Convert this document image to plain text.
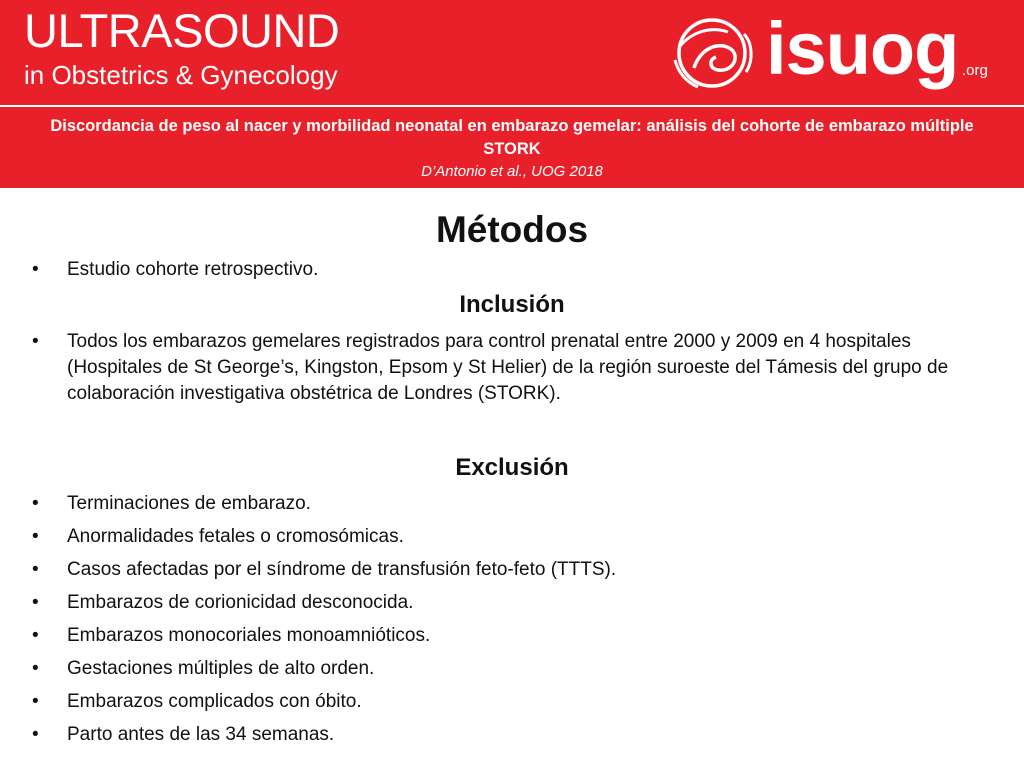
ULTRASOUND
in Obstetrics & Gynecology	isuog .org
Discordancia de peso al nacer y morbilidad neonatal en embarazo gemelar: análisis del cohorte de embarazo múltiple STORK
D’Antonio et al., UOG 2018
Métodos
• Estudio cohorte retrospectivo.
Inclusión
• Todos los embarazos gemelares registrados para control prenatal entre 2000 y 2009 en 4 hospitales (Hospitales de St George’s, Kingston, Epsom y St Helier) de la región suroeste del Támesis del grupo de colaboración investigativa obstétrica de Londres (STORK).
Exclusión
• Terminaciones de embarazo.
• Anormalidades fetales o cromosómicas.
• Casos afectadas por el síndrome de transfusión feto-feto (TTTS).
• Embarazos de corionicidad desconocida.
• Embarazos monocoriales monoamnióticos.
• Gestaciones múltiples de alto orden.
• Embarazos complicados con óbito.
• Parto antes de las 34 semanas.
